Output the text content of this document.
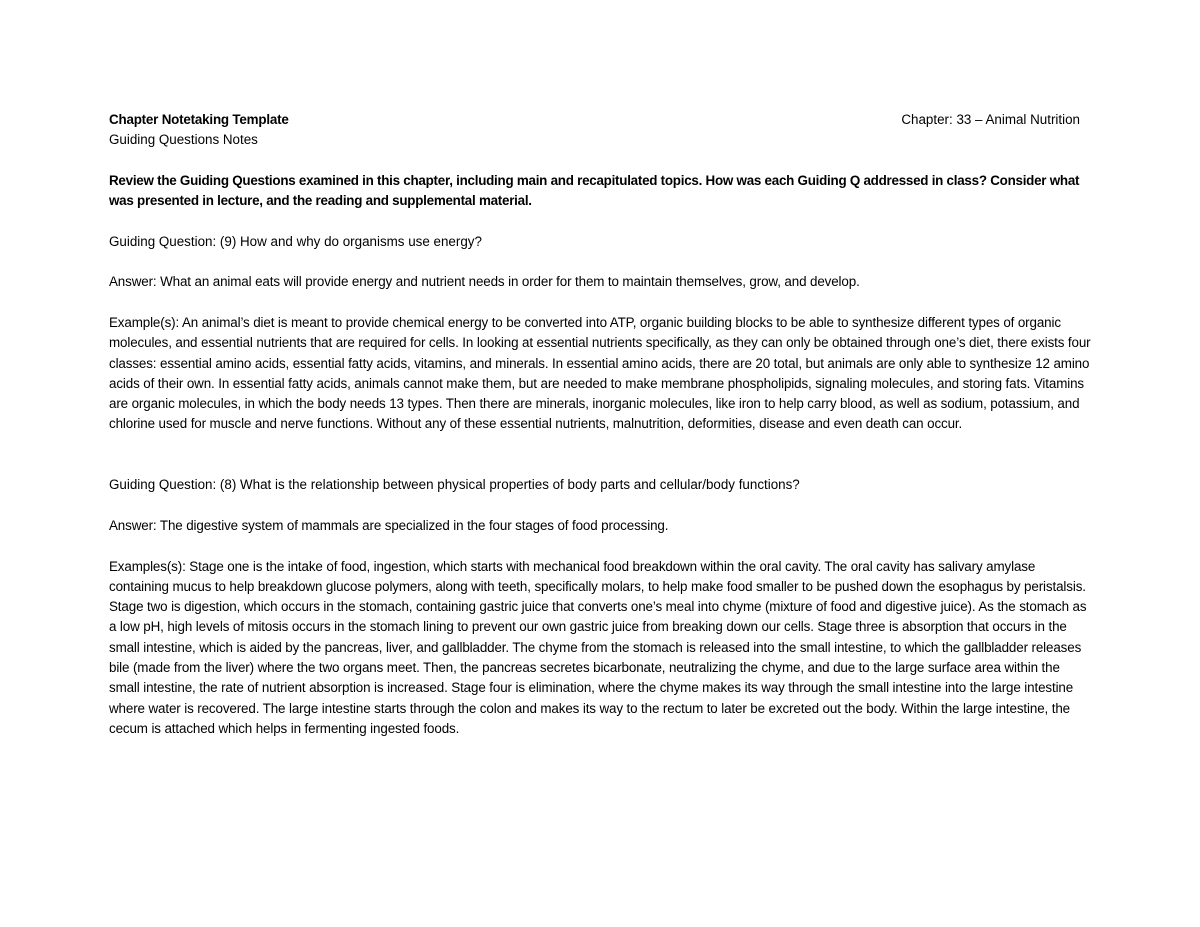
Chapter Notetaking Template	Chapter: 33 – Animal Nutrition

Guiding Questions Notes

Review the Guiding Questions examined in this chapter, including main and recapitulated topics. How was each Guiding Q addressed in class? Consider what was presented in lecture, and the reading and supplemental material.

Guiding Question: (9) How and why do organisms use energy?

Answer: What an animal eats will provide energy and nutrient needs in order for them to maintain themselves, grow, and develop.

Example(s): An animal’s diet is meant to provide chemical energy to be converted into ATP, organic building blocks to be able to synthesize different types of organic molecules, and essential nutrients that are required for cells. In looking at essential nutrients specifically, as they can only be obtained through one’s diet, there exists four classes: essential amino acids, essential fatty acids, vitamins, and minerals. In essential amino acids, there are 20 total, but animals are only able to synthesize 12 amino acids of their own. In essential fatty acids, animals cannot make them, but are needed to make membrane phospholipids, signaling molecules, and storing fats. Vitamins are organic molecules, in which the body needs 13 types. Then there are minerals, inorganic molecules, like iron to help carry blood, as well as sodium, potassium, and chlorine used for muscle and nerve functions. Without any of these essential nutrients, malnutrition, deformities, disease and even death can occur.

Guiding Question: (8) What is the relationship between physical properties of body parts and cellular/body functions?

Answer: The digestive system of mammals are specialized in the four stages of food processing.

Examples(s): Stage one is the intake of food, ingestion, which starts with mechanical food breakdown within the oral cavity. The oral cavity has salivary amylase containing mucus to help breakdown glucose polymers, along with teeth, specifically molars, to help make food smaller to be pushed down the esophagus by peristalsis. Stage two is digestion, which occurs in the stomach, containing gastric juice that converts one’s meal into chyme (mixture of food and digestive juice). As the stomach as a low pH, high levels of mitosis occurs in the stomach lining to prevent our own gastric juice from breaking down our cells. Stage three is absorption that occurs in the small intestine, which is aided by the pancreas, liver, and gallbladder. The chyme from the stomach is released into the small intestine, to which the gallbladder releases bile (made from the liver) where the two organs meet. Then, the pancreas secretes bicarbonate, neutralizing the chyme, and due to the large surface area within the small intestine, the rate of nutrient absorption is increased. Stage four is elimination, where the chyme makes its way through the small intestine into the large intestine where water is recovered. The large intestine starts through the colon and makes its way to the rectum to later be excreted out the body. Within the large intestine, the cecum is attached which helps in fermenting ingested foods.
